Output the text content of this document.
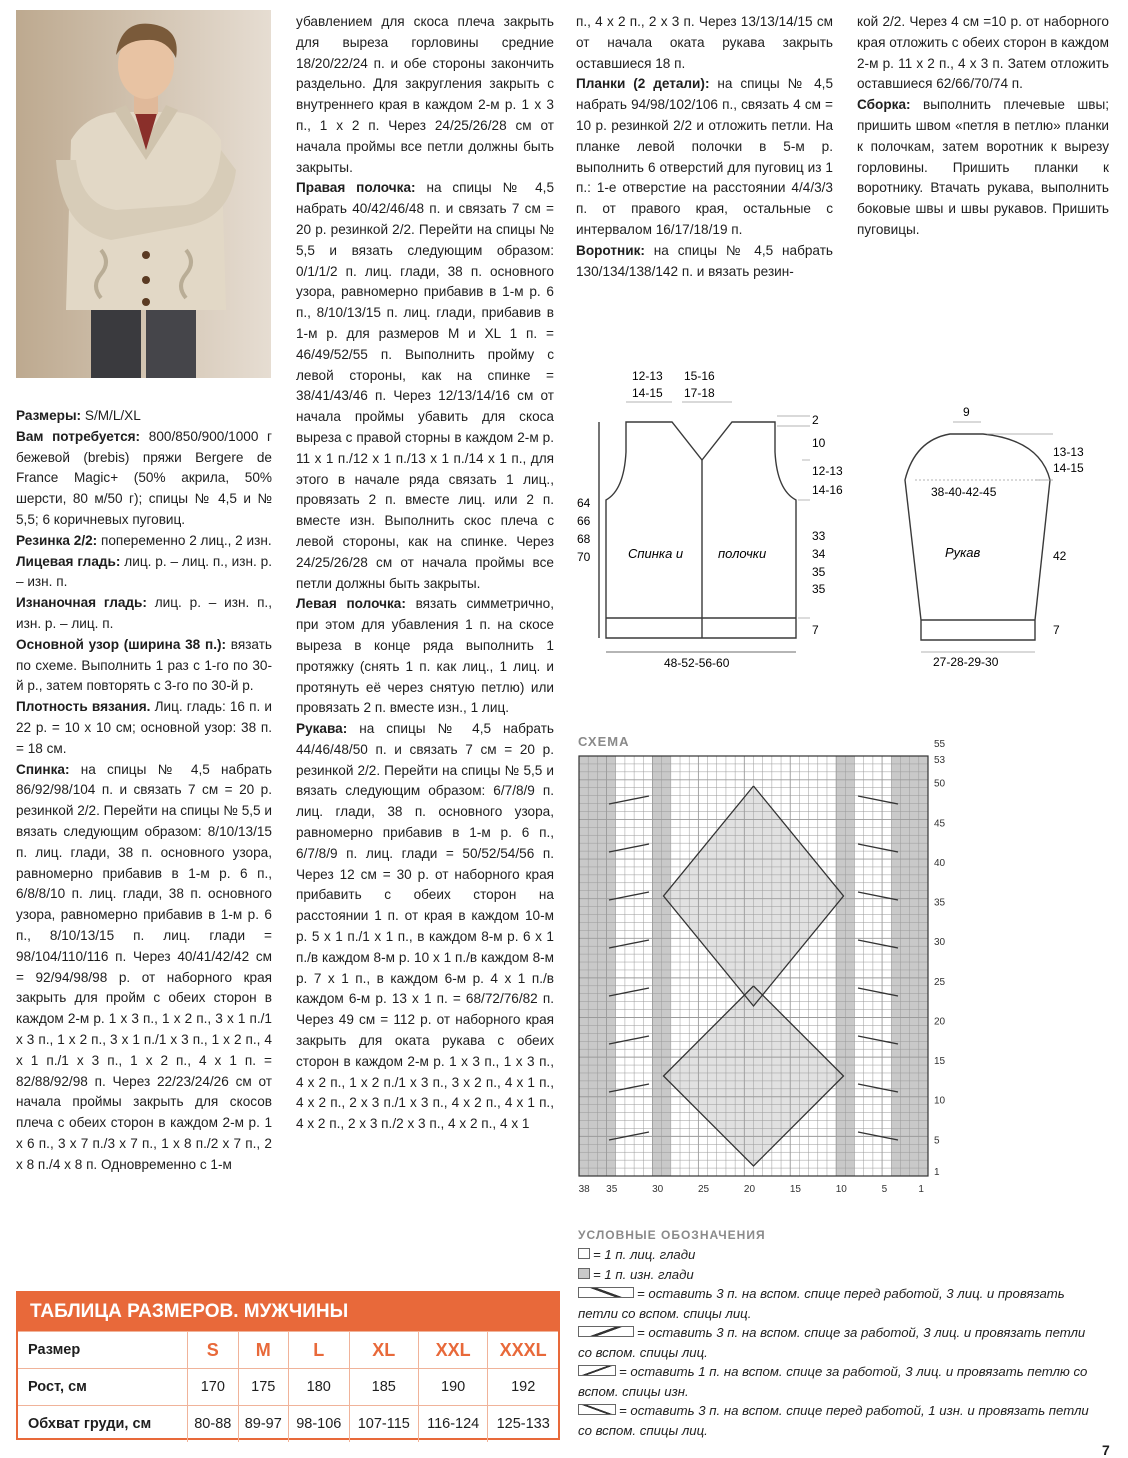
Размеры: S/M/L/XL

Вам потребуется: 800/850/900/1000 г бежевой (brebis) пряжи Bergere de France Magic+ (50% акрила, 50% шерсти, 80 м/50 г); спицы № 4,5 и № 5,5; 6 коричневых пуговиц.

Резинка 2/2: попеременно 2 лиц., 2 изн.

Лицевая гладь: лиц. р. – лиц. п., изн. р. – изн. п.

Изнаночная гладь: лиц. р. – изн. п., изн. р. – лиц. п.

Основной узор (ширина 38 п.): вязать по схеме. Выполнить 1 раз с 1-го по 30-й р., затем повторять с 3-го по 30-й р.

Плотность вязания. Лиц. гладь: 16 п. и 22 р. = 10 х 10 см; основной узор: 38 п. = 18 см.

Спинка: на спицы № 4,5 набрать 86/92/98/104 п. и связать 7 см = 20 р. резинкой 2/2. Перейти на спицы № 5,5 и вязать следующим образом: 8/10/13/15 п. лиц. глади, 38 п. основного узора, равномерно прибавив в 1-м р. 6 п., 6/8/8/10 п. лиц. глади, 38 п. основного узора, равномерно прибавив в 1-м р. 6 п., 8/10/13/15 п. лиц. глади = 98/104/110/116 п. Через 40/41/42/42 см = 92/94/98/98 р. от наборного края закрыть для пройм с обеих сторон в каждом 2-м р. 1 х 3 п., 1 х 2 п., 3 х 1 п./1 х 3 п., 1 х 2 п., 3 х 1 п./1 х 3 п., 1 х 2 п., 4 х 1 п./1 х 3 п., 1 х 2 п., 4 х 1 п. = 82/88/92/98 п. Через 22/23/24/26 см от начала проймы закрыть для скосов плеча с обеих сторон в каждом 2-м р. 1 х 6 п., 3 х 7 п./3 х 7 п., 1 х 8 п./2 х 7 п., 2 х 8 п./4 х 8 п. Одновременно с 1-м

убавлением для скоса плеча закрыть для выреза горловины средние 18/20/22/24 п. и обе стороны закончить раздельно. Для закругления закрыть с внутреннего края в каждом 2-м р. 1 х 3 п., 1 х 2 п. Через 24/25/26/28 см от начала проймы все петли должны быть закрыты.

Правая полочка: на спицы № 4,5 набрать 40/42/46/48 п. и связать 7 см = 20 р. резинкой 2/2. Перейти на спицы № 5,5 и вязать следующим образом: 0/1/1/2 п. лиц. глади, 38 п. основного узора, равномерно прибавив в 1-м р. 6 п., 8/10/13/15 п. лиц. глади, прибавив в 1-м р. для размеров M и XL 1 п. = 46/49/52/55 п. Выполнить пройму с левой стороны, как на спинке = 38/41/43/46 п. Через 12/13/14/16 см от начала проймы убавить для скоса выреза с правой сторны в каждом 2-м р. 11 х 1 п./12 х 1 п./13 х 1 п./14 х 1 п., для этого в начале ряда связать 1 лиц., провязать 2 п. вместе лиц. или 2 п. вместе изн. Выполнить скос плеча с левой стороны, как на спинке. Через 24/25/26/28 см от начала проймы все петли должны быть закрыты.

Левая полочка: вязать симметрично, при этом для убавления 1 п. на скосе выреза в конце ряда выполнить 1 протяжку (снять 1 п. как лиц., 1 лиц. и протянуть её через снятую петлю) или провязать 2 п. вместе изн., 1 лиц.

Рукава: на спицы № 4,5 набрать 44/46/48/50 п. и связать 7 см = 20 р. резинкой 2/2. Перейти на спицы № 5,5 и вязать следующим образом: 6/7/8/9 п. лиц. глади, 38 п. основного узора, равномерно прибавив в 1-м р. 6 п., 6/7/8/9 п. лиц. глади = 50/52/54/56 п. Через 12 см = 30 р. от наборного края прибавить с обеих сторон на расстоянии 1 п. от края в каждом 10-м р. 5 х 1 п./1 х 1 п., в каждом 8-м р. 6 х 1 п./в каждом 8-м р. 10 х 1 п./в каждом 8-м р. 7 х 1 п., в каждом 6-м р. 4 х 1 п./в каждом 6-м р. 13 х 1 п. = 68/72/76/82 п. Через 49 см = 112 р. от наборного края закрыть для оката рукава с обеих сторон в каждом 2-м р. 1 х 3 п., 1 х 3 п., 4 х 2 п., 1 х 2 п./1 х 3 п., 3 х 2 п., 4 х 1 п., 4 х 2 п., 2 х 3 п./1 х 3 п., 4 х 2 п., 4 х 1 п., 4 х 2 п., 2 х 3 п./2 х 3 п., 4 х 2 п., 4 х 1

п., 4 х 2 п., 2 х 3 п. Через 13/13/14/15 см от начала оката рукава закрыть оставшиеся 18 п.

Планки (2 детали): на спицы № 4,5 набрать 94/98/102/106 п., связать 4 см = 10 р. резинкой 2/2 и отложить петли. На планке левой полочки в 5-м р. выполнить 6 отверстий для пуговиц из 1 п.: 1-е отверстие на расстоянии 4/4/3/3 п. от правого края, остальные с интервалом 16/17/18/19 п.

Воротник: на спицы № 4,5 набрать 130/134/138/142 п. и вязать резин-

кой 2/2. Через 4 см =10 р. от наборного края отложить с обеих сторон в каждом 2-м р. 11 х 2 п., 4 х 3 п. Затем отложить оставшиеся 62/66/70/74 п.

Сборка: выполнить плечевые швы; пришить швом «петля в петлю» планки к полочкам, затем воротник к вырезу горловины. Пришить планки к воротнику. Втачать рукава, выполнить боковые швы и швы рукавов. Пришить пуговицы.

12-13
14-15
15-16
17-18
2
10
12-13
14-16
33
34
35
35
7
64
66
68
70	Спинка и	полочки
48-52-56-60
9
13-13
14-15
38-40-42-45
Рукав	42
7
27-28-29-30
СХЕМА
53
55
50
45
40
35
30
25
20
15
10
5
1
38 35	30	25	20	15	10	5	1
УСЛОВНЫЕ ОБОЗНАЧЕНИЯ
= 1 п. лиц. глади
= 1 п. изн. глади
= оставить 3 п. на вспом. спице перед работой, 3 лиц. и провязать петли со вспом. спицы лиц.
= оставить 3 п. на вспом. спице за работой, 3 лиц. и провязать петли со вспом. спицы лиц.
= оставить 1 п. на вспом. спице за работой, 3 лиц. и провязать петлю со вспом. спицы изн.
= оставить 3 п. на вспом. спице перед работой, 1 изн. и провязать петли со вспом. спицы лиц.
ТАБЛИЦА РАЗМЕРОВ. МУЖЧИНЫ
Размер	S	M	L	XL	XXL	XXXL
Рост, см	170	175	180	185	190	192
Обхват груди, см	80-88	89-97	98-106	107-115	116-124	125-133
7
